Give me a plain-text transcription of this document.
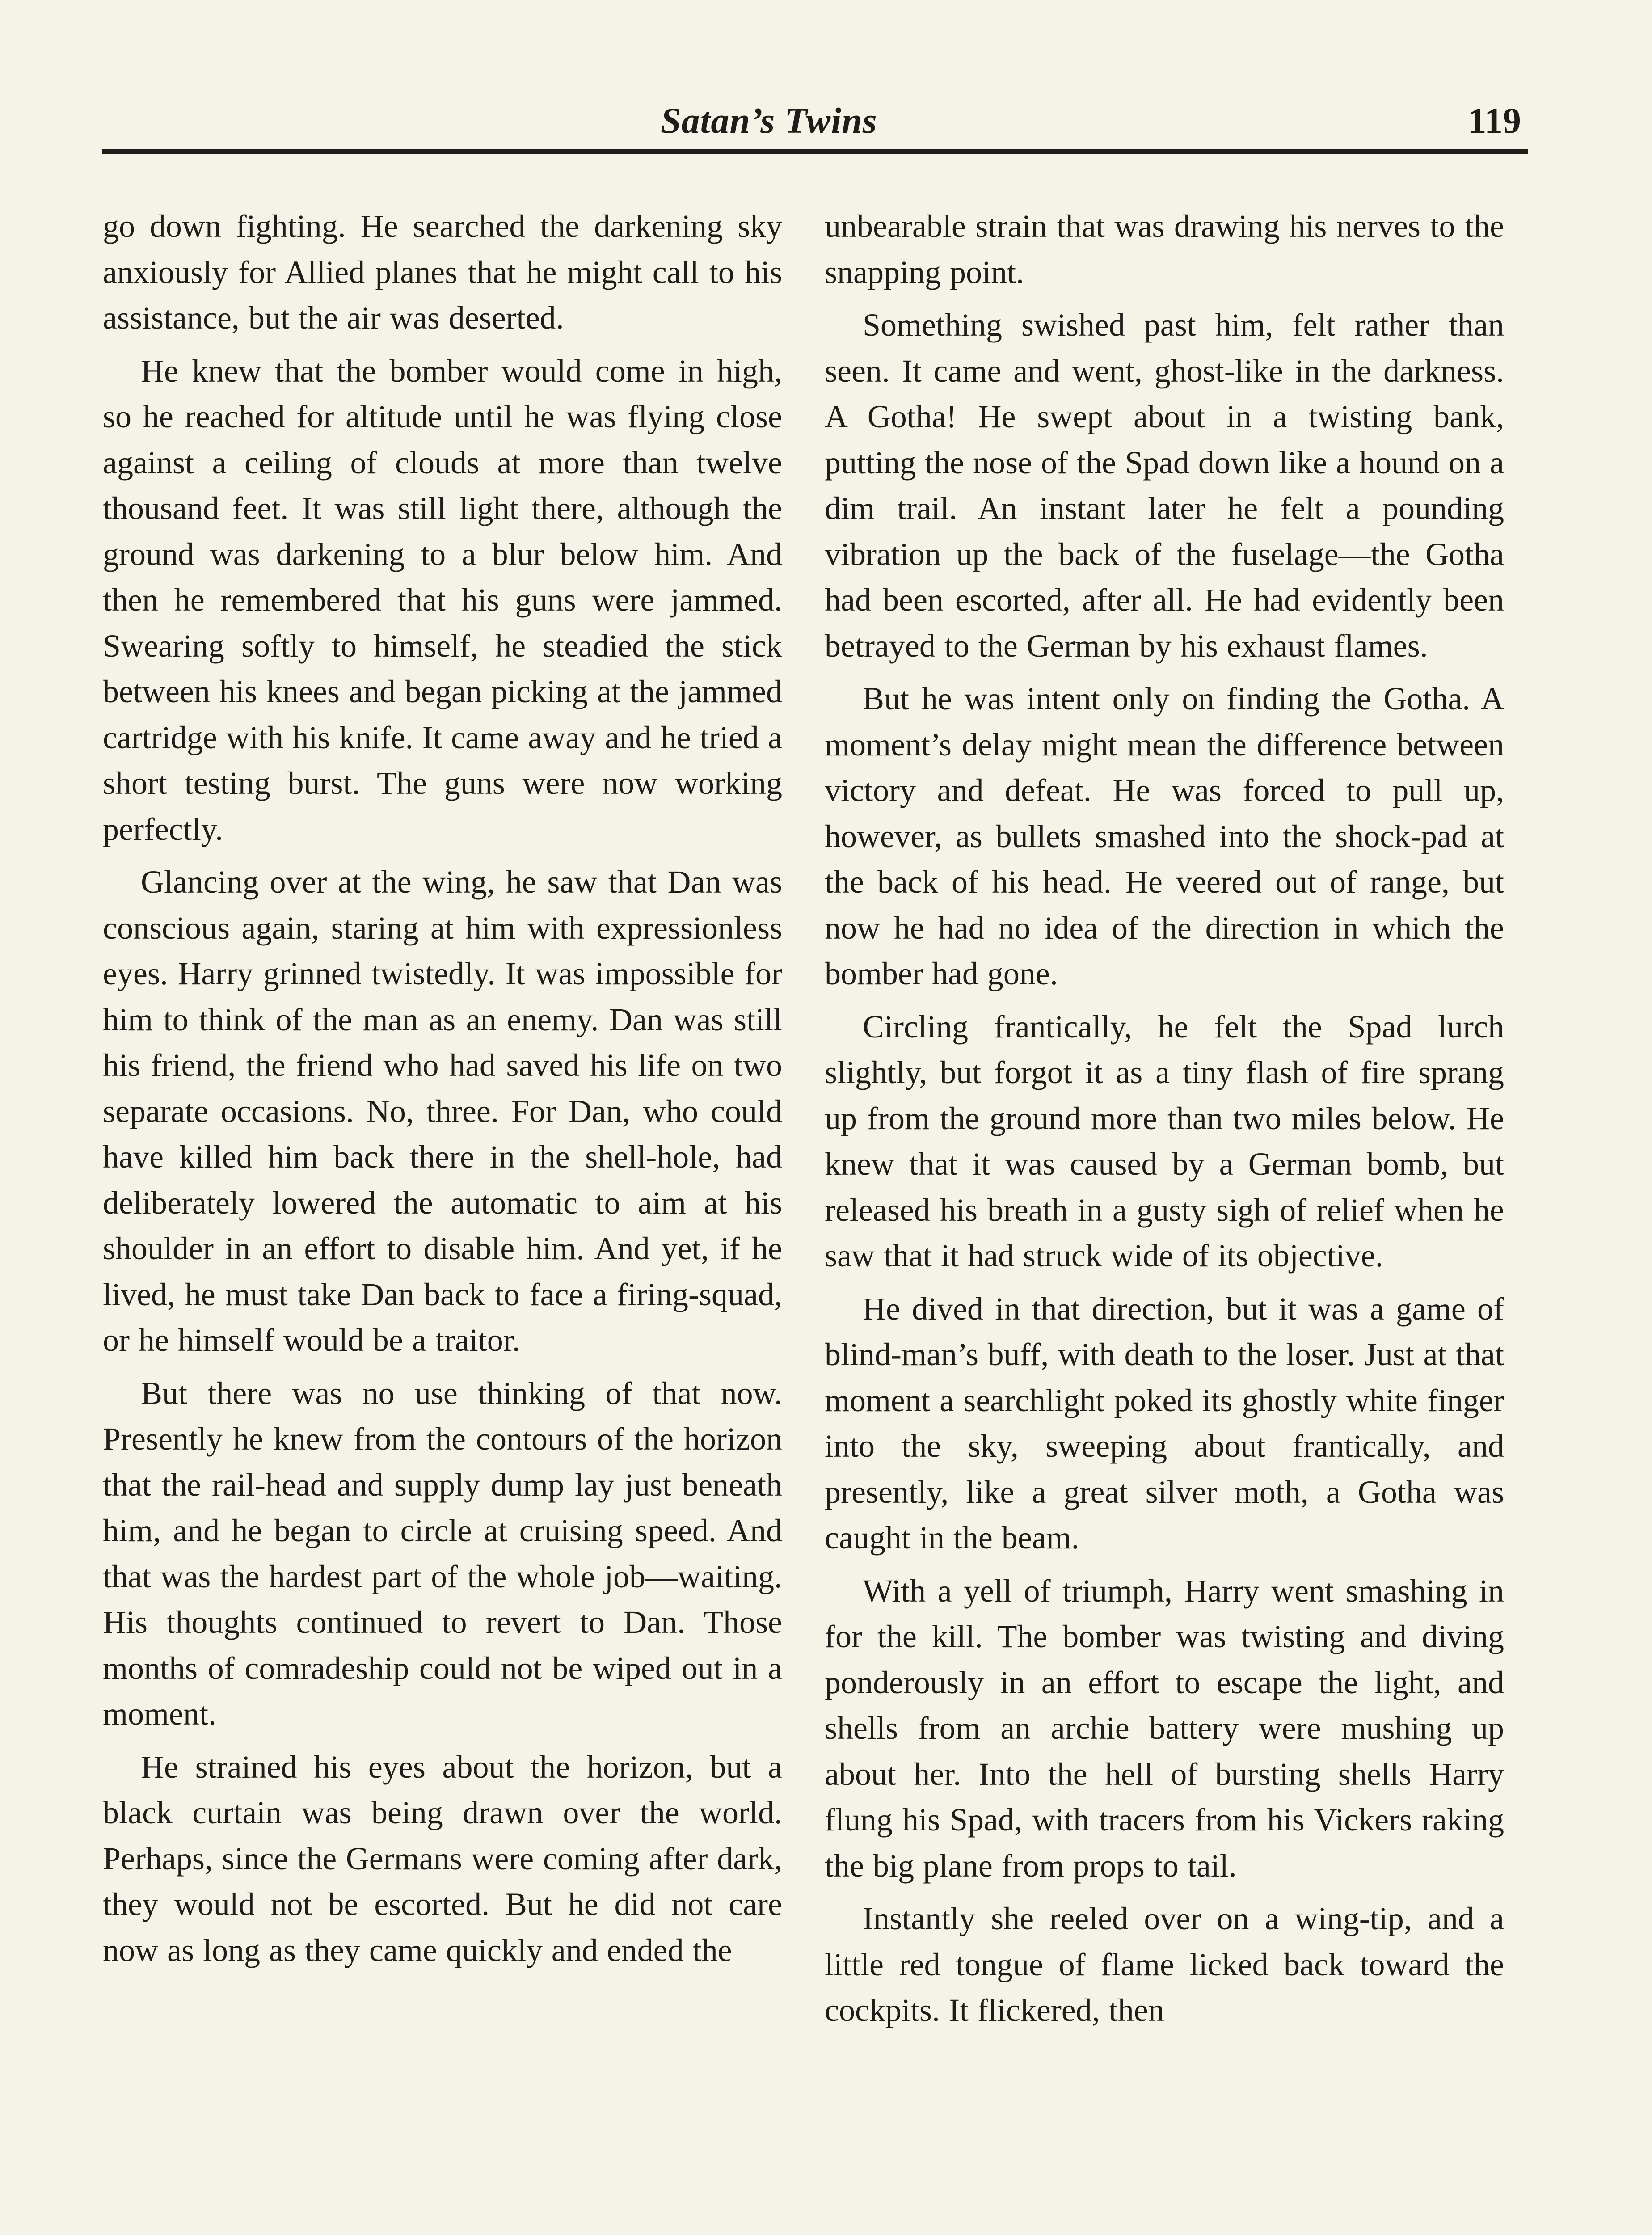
Satan’s Twins	119

go down fighting. He searched the darkening sky anxiously for Allied planes that he might call to his assistance, but the air was deserted.

He knew that the bomber would come in high, so he reached for altitude until he was flying close against a ceiling of clouds at more than twelve thousand feet. It was still light there, although the ground was darkening to a blur below him. And then he remembered that his guns were jammed. Swearing softly to himself, he steadied the stick between his knees and began picking at the jammed cartridge with his knife. It came away and he tried a short testing burst. The guns were now working perfectly.

Glancing over at the wing, he saw that Dan was conscious again, staring at him with expressionless eyes. Harry grinned twistedly. It was impossible for him to think of the man as an enemy. Dan was still his friend, the friend who had saved his life on two separate occasions. No, three. For Dan, who could have killed him back there in the shell-hole, had deliberately lowered the automatic to aim at his shoulder in an effort to disable him. And yet, if he lived, he must take Dan back to face a firing-squad, or he himself would be a traitor.

But there was no use thinking of that now. Presently he knew from the contours of the horizon that the rail-head and supply dump lay just beneath him, and he began to circle at cruising speed. And that was the hardest part of the whole job—waiting. His thoughts continued to revert to Dan. Those months of comradeship could not be wiped out in a moment.

He strained his eyes about the horizon, but a black curtain was being drawn over the world. Perhaps, since the Germans were coming after dark, they would not be escorted. But he did not care now as long as they came quickly and ended the

unbearable strain that was drawing his nerves to the snapping point.

Something swished past him, felt rather than seen. It came and went, ghost-like in the darkness. A Gotha! He swept about in a twisting bank, putting the nose of the Spad down like a hound on a dim trail. An instant later he felt a pounding vibration up the back of the fuselage—the Gotha had been escorted, after all. He had evidently been betrayed to the German by his exhaust flames.

But he was intent only on finding the Gotha. A moment’s delay might mean the difference between victory and defeat. He was forced to pull up, however, as bullets smashed into the shock-pad at the back of his head. He veered out of range, but now he had no idea of the direction in which the bomber had gone.

Circling frantically, he felt the Spad lurch slightly, but forgot it as a tiny flash of fire sprang up from the ground more than two miles below. He knew that it was caused by a German bomb, but released his breath in a gusty sigh of relief when he saw that it had struck wide of its objective.

He dived in that direction, but it was a game of blind-man’s buff, with death to the loser. Just at that moment a searchlight poked its ghostly white finger into the sky, sweeping about frantically, and presently, like a great silver moth, a Gotha was caught in the beam.

With a yell of triumph, Harry went smashing in for the kill. The bomber was twisting and diving ponderously in an effort to escape the light, and shells from an archie battery were mushing up about her. Into the hell of bursting shells Harry flung his Spad, with tracers from his Vickers raking the big plane from props to tail.

Instantly she reeled over on a wing-tip, and a little red tongue of flame licked back toward the cockpits. It flickered, then
